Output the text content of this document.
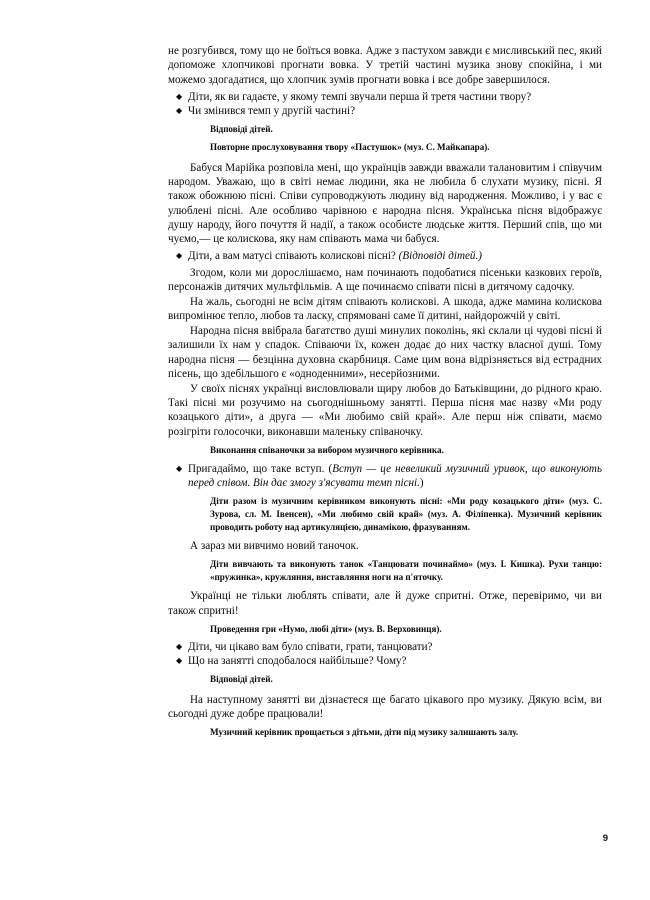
не розгубився, тому що не боїться вовка. Адже з пастухом завжди є мисливський пес, який допоможе хлопчикові прогнати вовка. У третій частині музика знову спокійна, і ми можемо здогадатися, що хлопчик зумів прогнати вовка і все добре завершилося.

◆ Діти, як ви гадаєте, у якому темпі звучали перша й третя частини твору?
◆ Чи змінився темп у другій частині?

Відповіді дітей.

Повторне прослуховування твору «Пастушок» (муз. С. Майкапара).

Бабуся Марійка розповіла мені, що українців завжди вважали талановитим і співучим народом. Уважаю, що в світі немає людини, яка не любила б слухати музику, пісні. Я також обожнюю пісні. Співи супроводжують людину від народження. Можливо, і у вас є улюблені пісні. Але особливо чарівною є народна пісня. Українська пісня відображує душу народу, його почуття й надії, а також особисте людське життя. Перший спів, що ми чуємо,— це колискова, яку нам співають мама чи бабуся.

◆ Діти, а вам матусі співають колискові пісні? (Відповіді дітей.)

Згодом, коли ми дорослішаємо, нам починають подобатися пісеньки казкових героїв, персонажів дитячих мультфільмів. А ще починаємо співати пісні в дитячому садочку.

На жаль, сьогодні не всім дітям співають колискові. А шкода, адже мамина колискова випромінює тепло, любов та ласку, спрямовані саме її дитині, найдорожчій у світі.

Народна пісня ввібрала багатство душі минулих поколінь, які склали ці чудові пісні й залишили їх нам у спадок. Співаючи їх, кожен додає до них частку власної душі. Тому народна пісня — безцінна духовна скарбниця. Саме цим вона відрізняється від естрадних пісень, що здебільшого є «одноденними», несерйозними.

У своїх піснях українці висловлювали щиру любов до Батьківщини, до рідного краю. Такі пісні ми розучимо на сьогоднішньому занятті. Перша пісня має назву «Ми роду козацького діти», а друга — «Ми любимо свій край». Але перш ніж співати, маємо розігріти голосочки, виконавши маленьку співаночку.

Виконання співаночки за вибором музичного керівника.

◆ Пригадаймо, що таке вступ. (Вступ — це невеликий музичний уривок, що виконують перед співом. Він дає змогу з'ясувати темп пісні.)

Діти разом із музичним керівником виконують пісні: «Ми роду козацького діти» (муз. С. Зурова, сл. М. Івенсен), «Ми любимо свій край» (муз. А. Філіпенка). Музичний керівник проводить роботу над артикуляцією, динамікою, фразуванням.

А зараз ми вивчимо новий таночок.

Діти вивчають та виконують танок «Танцювати починаймо» (муз. І. Кишка). Рухи танцю: «пружинка», кружляння, виставляння ноги на п'яточку.

Українці не тільки люблять співати, але й дуже спритні. Отже, перевіримо, чи ви також спритні!

Проведення гри «Нумо, любі діти» (муз. В. Верховинця).

◆ Діти, чи цікаво вам було співати, грати, танцювати?
◆ Що на занятті сподобалося найбільше? Чому?

Відповіді дітей.

На наступному занятті ви дізнаєтеся ще багато цікавого про музику. Дякую всім, ви сьогодні дуже добре працювали!

Музичний керівник прощається з дітьми, діти під музику залишають залу.

9
